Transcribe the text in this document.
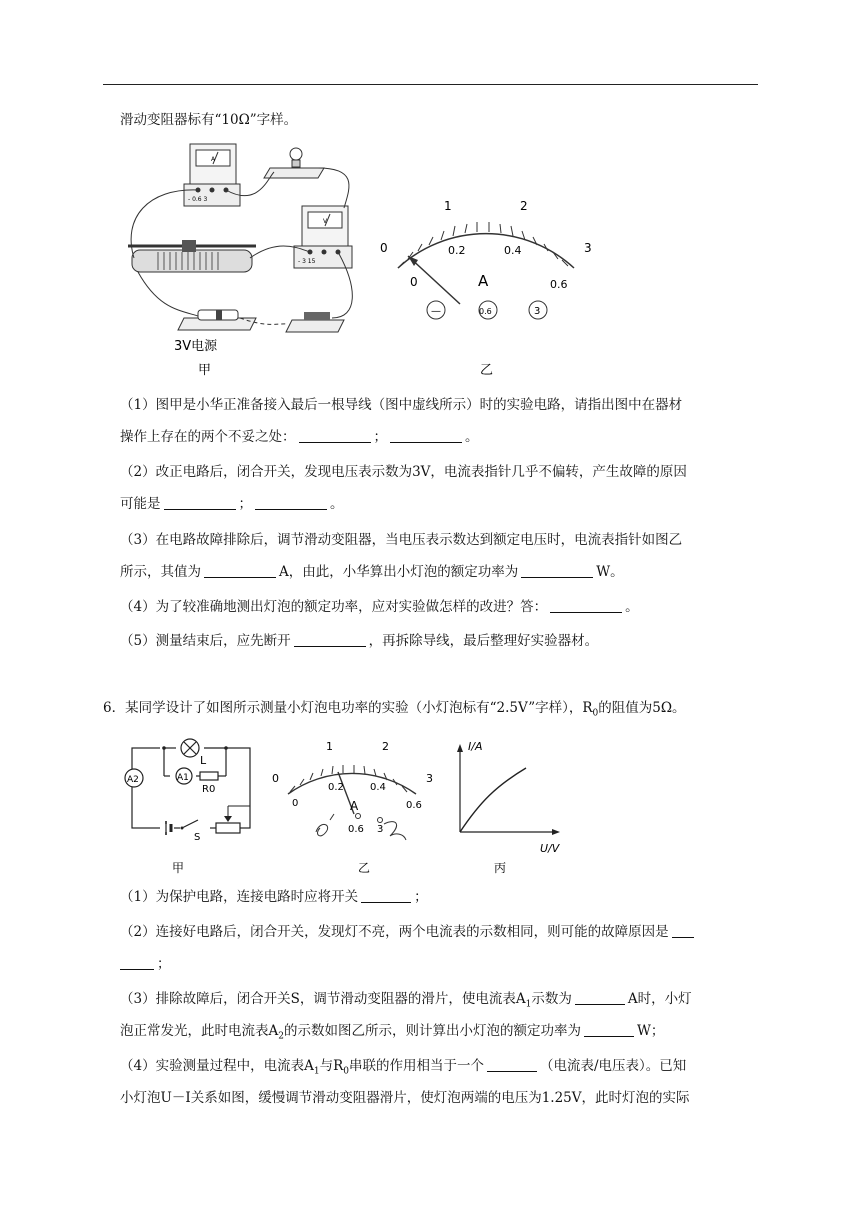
滑动变阻器标有“10Ω”字样。
A
- 0.6 3
V
- 3 15
3V电源
甲
0
1	2
3
0
0.2	0.4
0.6
A
—	0.6	3
乙
（1）图甲是小华正准备接入最后一根导线（图中虚线所示）时的实验电路，请指出图中在器材
操作上存在的两个不妥之处：	；	。
（2）改正电路后，闭合开关，发现电压表示数为3V，电流表指针几乎不偏转，产生故障的原因
可能是	；	。
（3）在电路故障排除后，调节滑动变阻器，当电压表示数达到额定电压时，电流表指针如图乙
所示，其值为	A，由此，小华算出小灯泡的额定功率为	W。
（4）为了较准确地测出灯泡的额定功率，应对实验做怎样的改进？答：	。
（5）测量结束后，应先断开	，再拆除导线，最后整理好实验器材。
6．某同学设计了如图所示测量小灯泡电功率的实验（小灯泡标有“2.5V”字样），$R_0$的阻值为5Ω。
L
A1
A2
R0
S
甲
0
1	2
3
0
0.2	0.4
0.6
A
0.6 3
乙
I/A
U/V
丙
（1）为保护电路，连接电路时应将开关	；
（2）连接好电路后，闭合开关，发现灯不亮，两个电流表的示数相同，则可能的故障原因是
；
（3）排除故障后，闭合开关S，调节滑动变阻器的滑片，使电流表$A_1$示数为	A时，小灯
泡正常发光，此时电流表$A_2$的示数如图乙所示，则计算出小灯泡的额定功率为	W；
（4）实验测量过程中，电流表$A_1$与$R_0$串联的作用相当于一个	（电流表/电压表）。已知
小灯泡U－I关系如图，缓慢调节滑动变阻器滑片，使灯泡两端的电压为1.25V，此时灯泡的实际
